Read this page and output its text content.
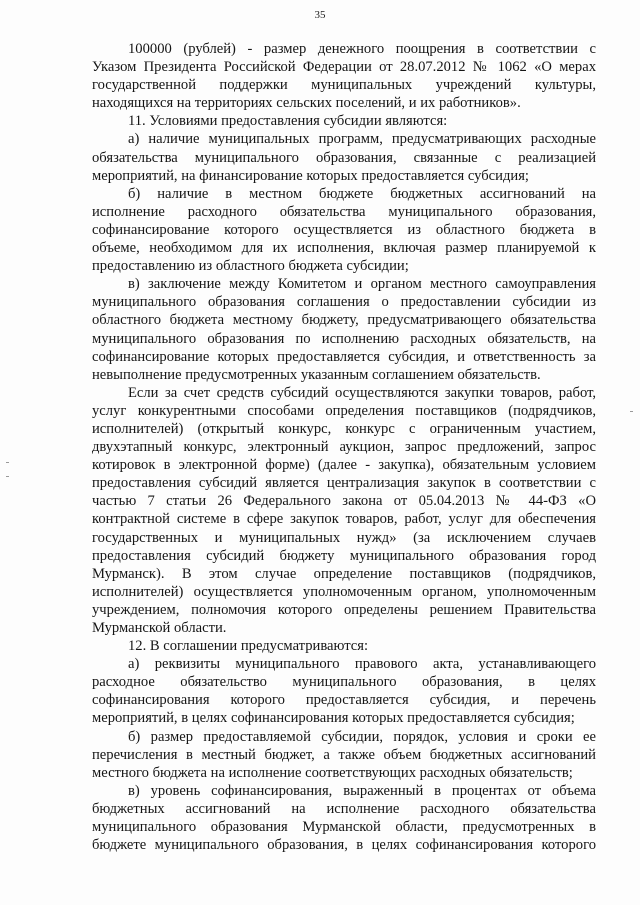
35
100000 (рублей) - размер денежного поощрения в соответствии с
Указом Президента Российской Федерации от 28.07.2012 № 1062 «О мерах
государственной поддержки муниципальных учреждений культуры,
находящихся на территориях сельских поселений, и их работников».
11. Условиями предоставления субсидии являются:
а) наличие муниципальных программ, предусматривающих расходные
обязательства муниципального образования, связанные с реализацией
мероприятий, на финансирование которых предоставляется субсидия;
б) наличие в местном бюджете бюджетных ассигнований на
исполнение расходного обязательства муниципального образования,
софинансирование которого осуществляется из областного бюджета в
объеме, необходимом для их исполнения, включая размер планируемой к
предоставлению из областного бюджета субсидии;
в) заключение между Комитетом и органом местного самоуправления
муниципального образования соглашения о предоставлении субсидии из
областного бюджета местному бюджету, предусматривающего обязательства
муниципального образования по исполнению расходных обязательств, на
софинансирование которых предоставляется субсидия, и ответственность за
невыполнение предусмотренных указанным соглашением обязательств.
Если за счет средств субсидий осуществляются закупки товаров, работ,
услуг конкурентными способами определения поставщиков (подрядчиков,
исполнителей) (открытый конкурс, конкурс с ограниченным участием,
двухэтапный конкурс, электронный аукцион, запрос предложений, запрос
котировок в электронной форме) (далее - закупка), обязательным условием
предоставления субсидий является централизация закупок в соответствии с
частью 7 статьи 26 Федерального закона от 05.04.2013 № 44-ФЗ «О
контрактной системе в сфере закупок товаров, работ, услуг для обеспечения
государственных и муниципальных нужд» (за исключением случаев
предоставления субсидий бюджету муниципального образования город
Мурманск). В этом случае определение поставщиков (подрядчиков,
исполнителей) осуществляется уполномоченным органом, уполномоченным
учреждением, полномочия которого определены решением Правительства
Мурманской области.
12. В соглашении предусматриваются:
а) реквизиты муниципального правового акта, устанавливающего
расходное обязательство муниципального образования, в целях
софинансирования которого предоставляется субсидия, и перечень
мероприятий, в целях софинансирования которых предоставляется субсидия;
б) размер предоставляемой субсидии, порядок, условия и сроки ее
перечисления в местный бюджет, а также объем бюджетных ассигнований
местного бюджета на исполнение соответствующих расходных обязательств;
в) уровень софинансирования, выраженный в процентах от объема
бюджетных ассигнований на исполнение расходного обязательства
муниципального образования Мурманской области, предусмотренных в
бюджете муниципального образования, в целях софинансирования которого
